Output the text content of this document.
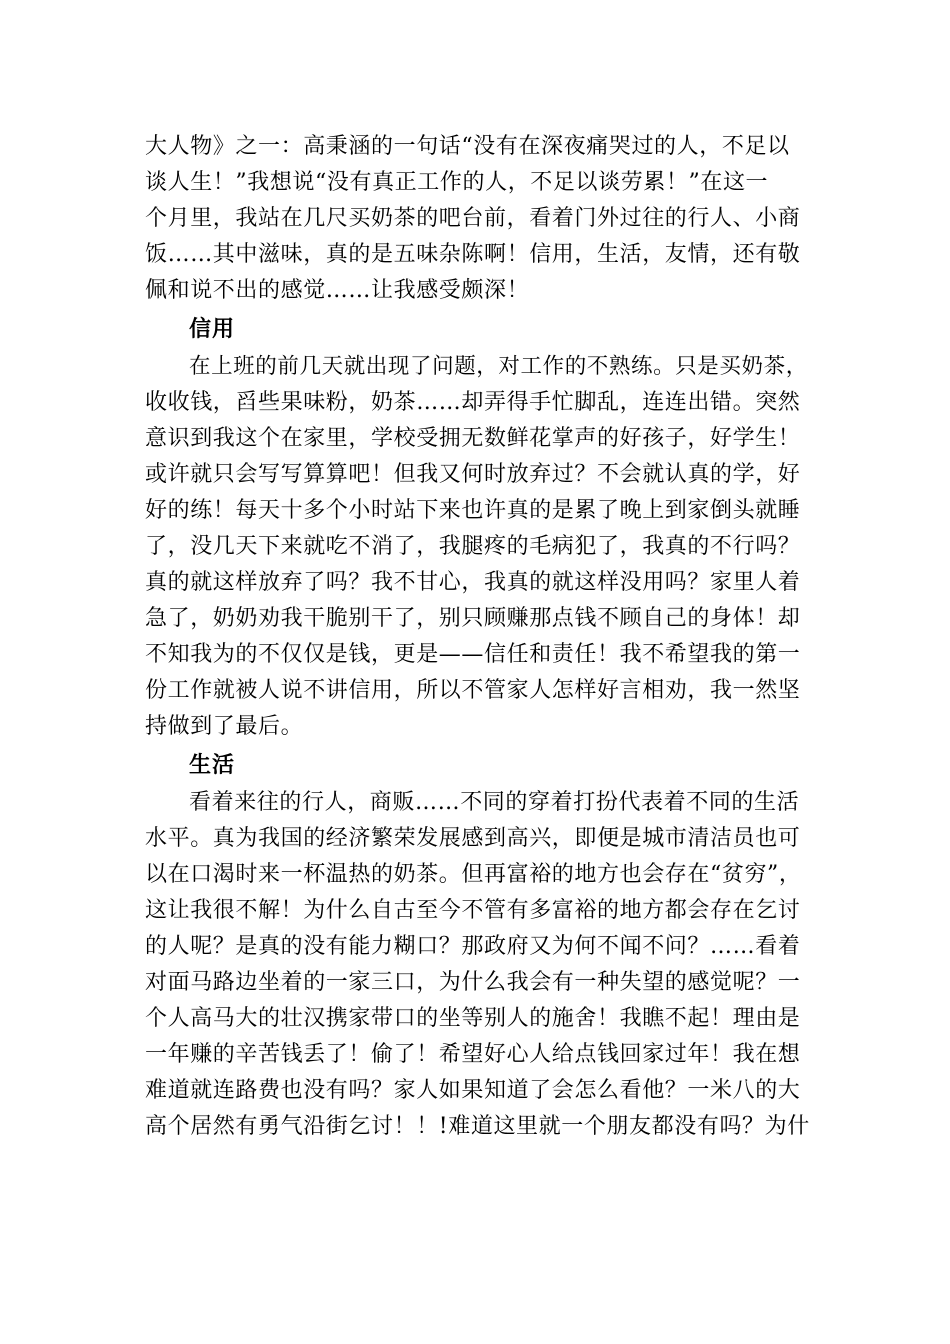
大人物》之一：高秉涵的一句话“没有在深夜痛哭过的人，不足以
谈人生！”我想说“没有真正工作的人，不足以谈劳累！”在这一
个月里，我站在几尺买奶茶的吧台前，看着门外过往的行人、小商
饭……其中滋味，真的是五味杂陈啊！信用，生活，友情，还有敬
佩和说不出的感觉……让我感受颇深！
信用
在上班的前几天就出现了问题，对工作的不熟练。只是买奶茶，
收收钱，舀些果味粉，奶茶……却弄得手忙脚乱，连连出错。突然
意识到我这个在家里，学校受拥无数鲜花掌声的好孩子，好学生！
或许就只会写写算算吧！但我又何时放弃过？不会就认真的学，好
好的练！每天十多个小时站下来也许真的是累了晚上到家倒头就睡
了，没几天下来就吃不消了，我腿疼的毛病犯了，我真的不行吗？
真的就这样放弃了吗？我不甘心，我真的就这样没用吗？家里人着
急了，奶奶劝我干脆别干了，别只顾赚那点钱不顾自己的身体！却
不知我为的不仅仅是钱，更是——信任和责任！我不希望我的第一
份工作就被人说不讲信用，所以不管家人怎样好言相劝，我一然坚
持做到了最后。
生活
看着来往的行人，商贩……不同的穿着打扮代表着不同的生活
水平。真为我国的经济繁荣发展感到高兴，即便是城市清洁员也可
以在口渴时来一杯温热的奶茶。但再富裕的地方也会存在“贫穷”，
这让我很不解！为什么自古至今不管有多富裕的地方都会存在乞讨
的人呢？是真的没有能力糊口？那政府又为何不闻不问？……看着
对面马路边坐着的一家三口，为什么我会有一种失望的感觉呢？一
个人高马大的壮汉携家带口的坐等别人的施舍！我瞧不起！理由是
一年赚的辛苦钱丢了！偷了！希望好心人给点钱回家过年！我在想
难道就连路费也没有吗？家人如果知道了会怎么看他？一米八的大
高个居然有勇气沿街乞讨！！!难道这里就一个朋友都没有吗？为什
